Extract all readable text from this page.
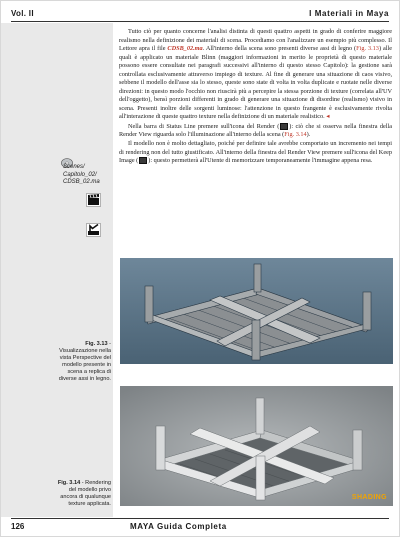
Vol. II	I Materiali in Maya
Scenes/ Capitolo_02/ CDSB_02.ma

Tutto ciò per quanto concerne l'analisi distinta di questi quattro aspetti in grado di conferire maggiore realismo nella definizione dei materiali di scena. Procediamo con l'analizzare un esempio più complesso. Il Lettore apra il file CDSB_02.ma. All'interno della scena sono presenti diverse assi di legno (Fig. 3.13) alle quali è applicato un materiale Blinn (maggiori informazioni in merito le proprietà di questo materiale possono essere consultate nei paragrafi successivi all'interno di questo stesso Capitolo): la gestione sarà controllata esclusivamente attraverso impiego di texture. Al fine di generare una situazione di caos visivo, sebbene il modello dell'asse sia lo stesso, queste sono state di volta in volta duplicate e ruotate nelle diverse direzioni: in questo modo l'occhio non riuscirà più a percepire la stessa porzione di texture (correlata all'UV dell'oggetto), bensì porzioni differenti in grado di generare una situazione di disordine (realismo) visivo in scena. Presenti inoltre delle sorgenti luminose: l'attenzione in questo frangente è esclusivamente rivolta all'interazione di queste quattro texture nella definizione di un materiale realistico. ◂

Nella barra di Status Line premere sull'icona del Render ( ): ciò che si osserva nella finestra della Render View riguarda solo l'illuminazione all'interno della scena (Fig. 3.14).

Il modello non è molto dettagliato, poiché per definire tale avrebbe comportato un incremento nei tempi di rendering non del tutto giustificato. All'interno della finestra del Render View premere sull'icona del Keep Image ( ): questo permetterà all'Utente di memorizzare temporaneamente l'immagine appena resa.

SHADING
Fig. 3.13 - Visualizzazione nella vista Perspective del modello presente in scena a replica di diverse assi in legno.
Fig. 3.14 - Rendering del modello privo ancora di qualunque texture applicata.
126	MAYA Guida Completa
